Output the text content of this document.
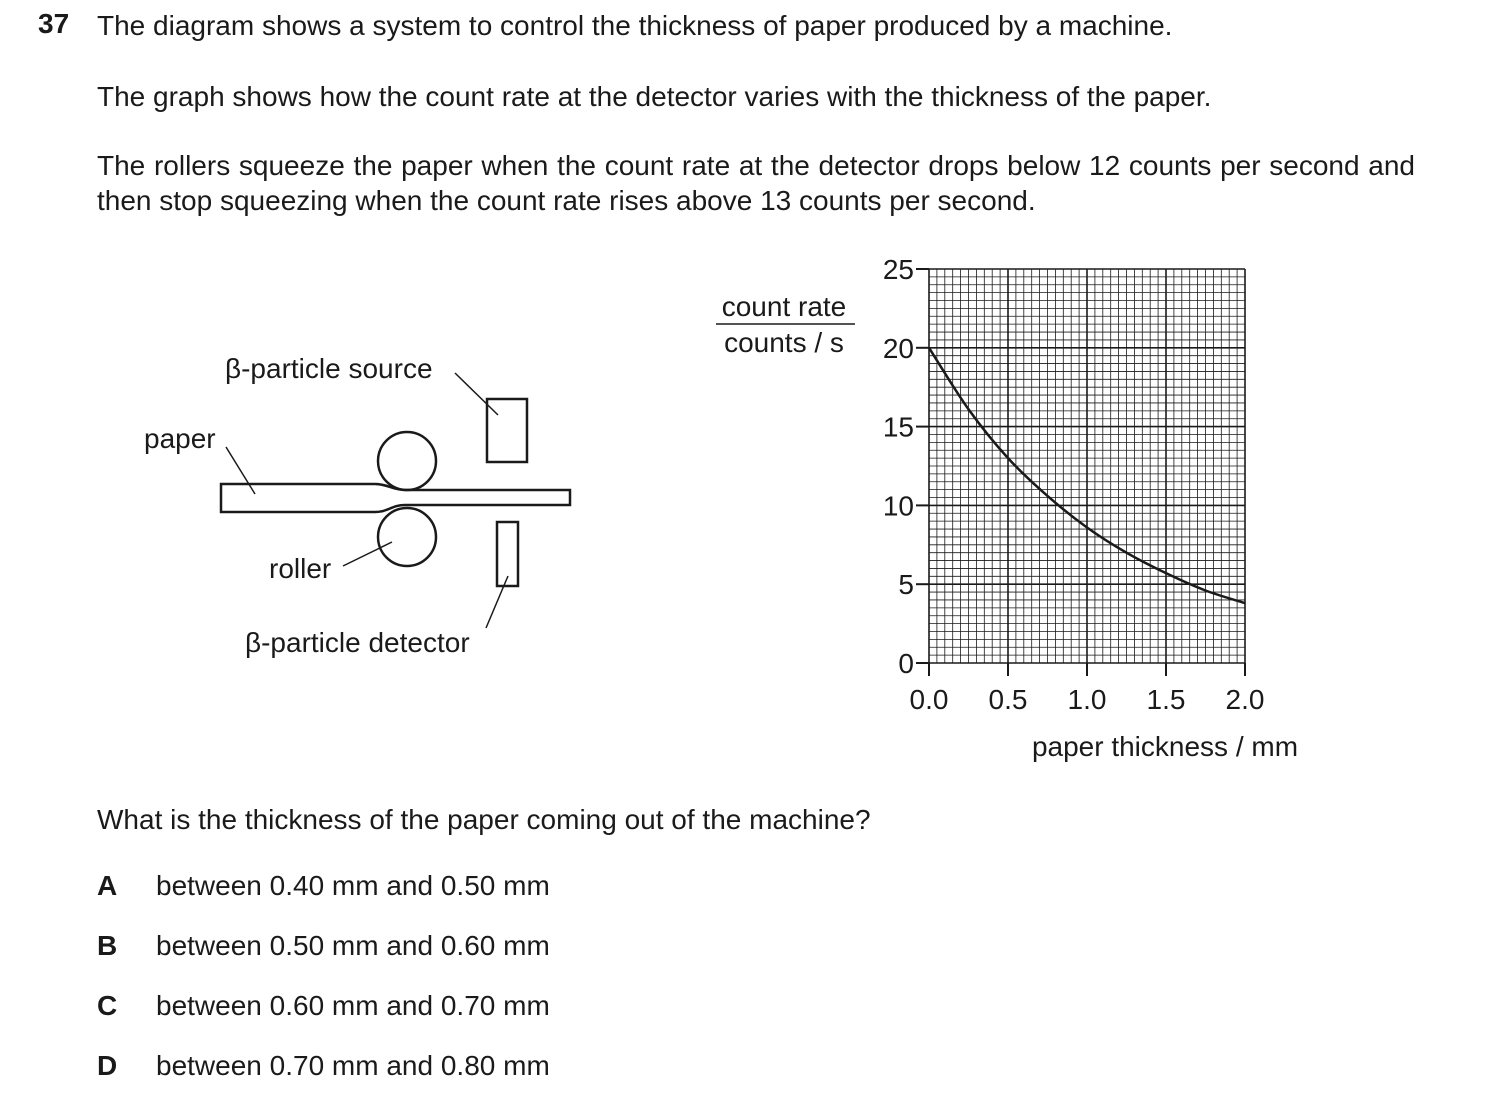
37 The diagram shows a system to control the thickness of paper produced by a machine.

The graph shows how the count rate at the detector varies with the thickness of the paper.

The rollers squeeze the paper when the count rate at the detector drops below 12 counts per second and then stop squeezing when the count rate rises above 13 counts per second.

β-particle source
paper
roller
β-particle detector
count rate
counts / s
0
5
10
15
20
25
0.0 0.5 1.0 1.5 2.0
paper thickness / mm
What is the thickness of the paper coming out of the machine?
A between 0.40 mm and 0.50 mm
B between 0.50 mm and 0.60 mm
C between 0.60 mm and 0.70 mm
D between 0.70 mm and 0.80 mm
